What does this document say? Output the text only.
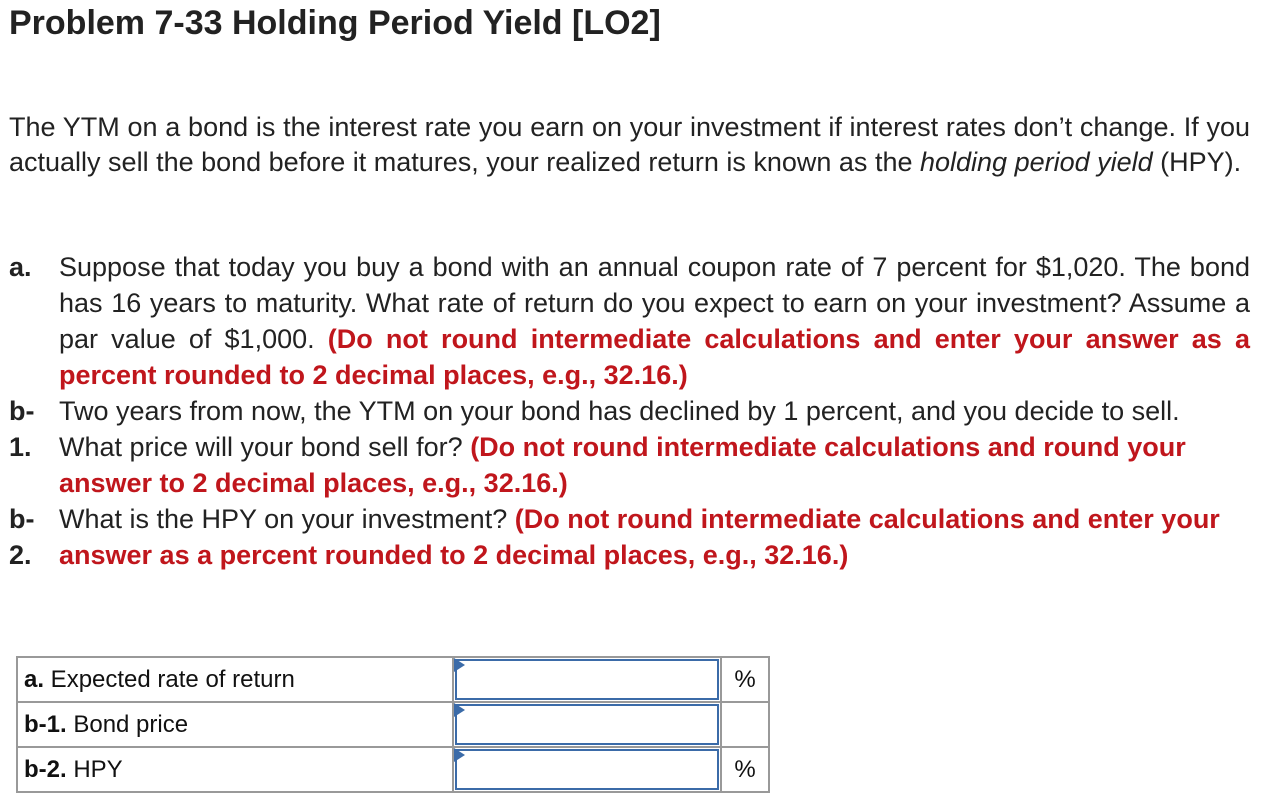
Problem 7-33 Holding Period Yield [LO2]
The YTM on a bond is the interest rate you earn on your investment if interest rates don’t change. If you actually sell the bond before it matures, your realized return is known as the holding period yield (HPY).
a.	Suppose that today you buy a bond with an annual coupon rate of 7 percent for $1,020. The bond has 16 years to maturity. What rate of return do you expect to earn on your investment? Assume a par value of $1,000. (Do not round intermediate calculations and enter your answer as a percent rounded to 2 decimal places, e.g., 32.16.)
b-
1.
Two years from now, the YTM on your bond has declined by 1 percent, and you decide to sell. What price will your bond sell for? (Do not round intermediate calculations and round your answer to 2 decimal places, e.g., 32.16.)
b-
2.
What is the HPY on your investment? (Do not round intermediate calculations and enter your answer as a percent rounded to 2 decimal places, e.g., 32.16.)
a. Expected rate of return		%
b-1. Bond price	

b-2. HPY		%
